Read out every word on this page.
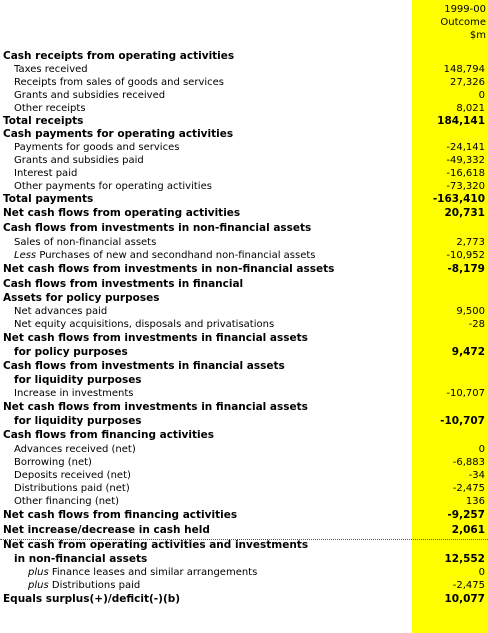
1999-00
Outcome
$m
Cash receipts from operating activities
Taxes received	148,794
Receipts from sales of goods and services	27,326
Grants and subsidies received	0
Other receipts	8,021
Total receipts	184,141
Cash payments for operating activities
Payments for goods and services	-24,141
Grants and subsidies paid	-49,332
Interest paid	-16,618
Other payments for operating activities	-73,320
Total payments	-163,410
Net cash flows from operating activities	20,731
Cash flows from investments in non-financial assets
Sales of non-financial assets	2,773
Less Purchases of new and secondhand non-financial assets	-10,952
Net cash flows from investments in non-financial assets	-8,179
Cash flows from investments in financial
Assets for policy purposes
Net advances paid	9,500
Net equity acquisitions, disposals and privatisations	-28
Net cash flows from investments in financial assets
for policy purposes	9,472
Cash flows from investments in financial assets
for liquidity purposes
Increase in investments	-10,707
Net cash flows from investments in financial assets
for liquidity purposes	-10,707
Cash flows from financing activities
Advances received (net)	0
Borrowing (net)	-6,883
Deposits received (net)	-34
Distributions paid (net)	-2,475
Other financing (net)	136
Net cash flows from financing activities	-9,257
Net increase/decrease in cash held	2,061
Net cash from operating activities and investments
in non-financial assets	12,552
plus Finance leases and similar arrangements	0
plus Distributions paid	-2,475
Equals surplus(+)/deficit(-)(b)	10,077
